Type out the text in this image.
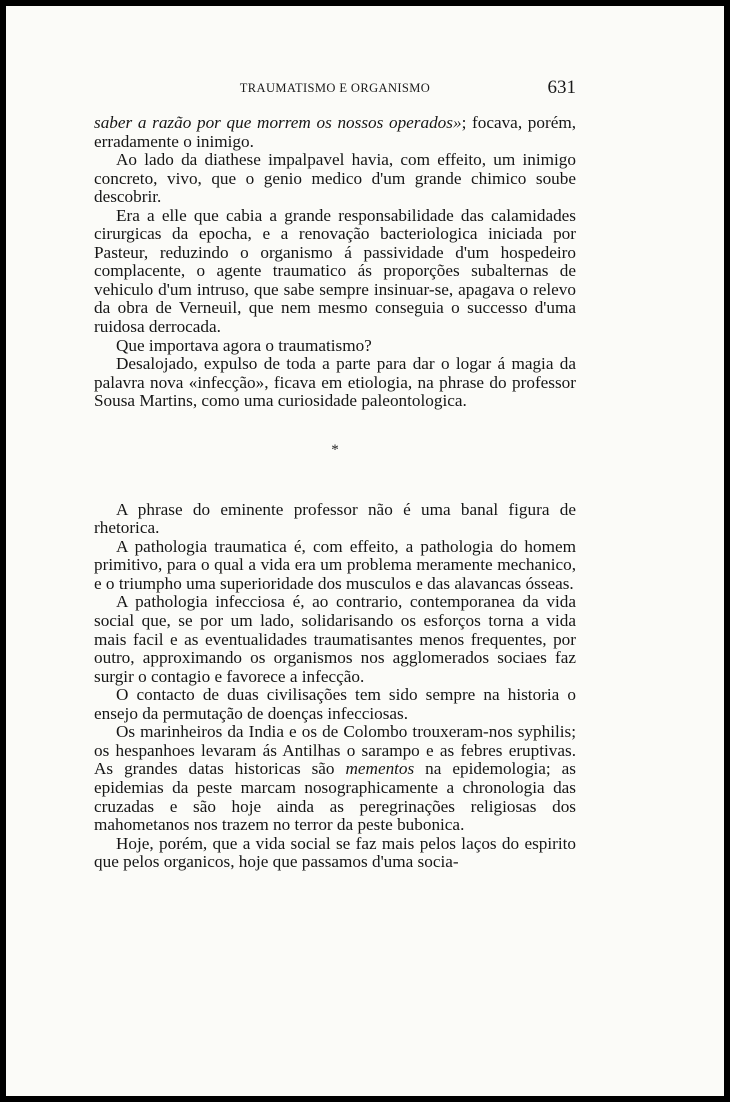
TRAUMATISMO E ORGANISMO	631

saber a razão por que morrem os nossos operados»; focava, porém, erradamente o inimigo.

Ao lado da diathese impalpavel havia, com effeito, um inimigo concreto, vivo, que o genio medico d'um grande chimico soube descobrir.

Era a elle que cabia a grande responsabilidade das calamidades cirurgicas da epocha, e a renovação bacteriologica iniciada por Pasteur, reduzindo o organismo á passividade d'um hospedeiro complacente, o agente traumatico ás proporções subalternas de vehiculo d'um intruso, que sabe sempre insinuar-se, apagava o relevo da obra de Verneuil, que nem mesmo conseguia o successo d'uma ruidosa derrocada.

Que importava agora o traumatismo?

Desalojado, expulso de toda a parte para dar o logar á magia da palavra nova «infecção», ficava em etiologia, na phrase do professor Sousa Martins, como uma curiosidade paleontologica.

*

A phrase do eminente professor não é uma banal figura de rhetorica.

A pathologia traumatica é, com effeito, a pathologia do homem primitivo, para o qual a vida era um problema meramente mechanico, e o triumpho uma superioridade dos musculos e das alavancas ósseas.

A pathologia infecciosa é, ao contrario, contemporanea da vida social que, se por um lado, solidarisando os esforços torna a vida mais facil e as eventualidades traumatisantes menos frequentes, por outro, approximando os organismos nos agglomerados sociaes faz surgir o contagio e favorece a infecção.

O contacto de duas civilisações tem sido sempre na historia o ensejo da permutação de doenças infecciosas.

Os marinheiros da India e os de Colombo trouxeram-nos syphilis; os hespanhoes levaram ás Antilhas o sarampo e as febres eruptivas. As grandes datas historicas são mementos na epidemologia; as epidemias da peste marcam nosographicamente a chronologia das cruzadas e são hoje ainda as peregrinações religiosas dos mahometanos nos trazem no terror da peste bubonica.

Hoje, porém, que a vida social se faz mais pelos laços do espirito que pelos organicos, hoje que passamos d'uma socia-
